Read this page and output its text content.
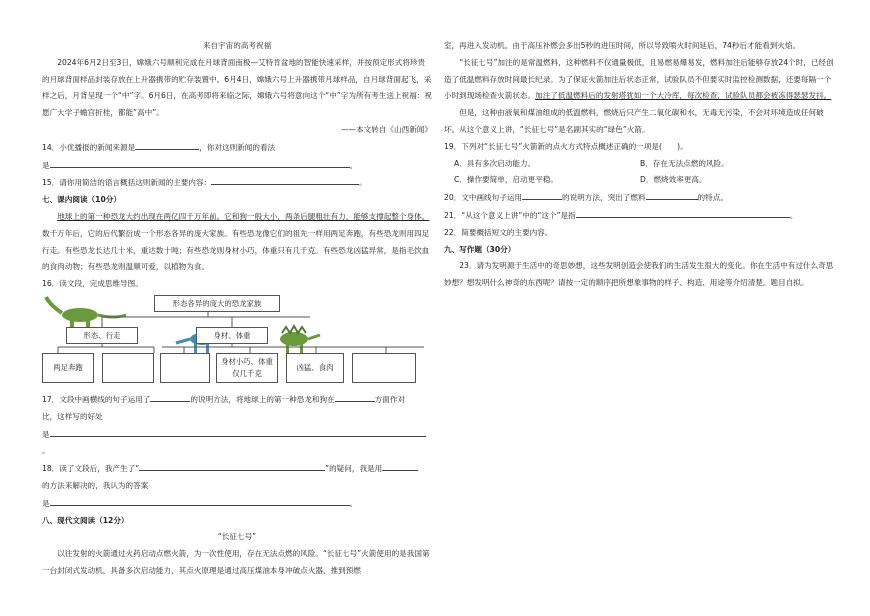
来自宇宙的高考祝福

2024年6月2日至3日，嫦娥六号顺利完成在月球背面南极—艾特肯盆地的智能快速采样，并按预定形式将珍贵的月球背面样品封装存放在上升器携带的贮存装置中。6月4日，嫦娥六号上升器携带月球样品，自月球背面起飞，采样之后，月背呈现一个“中”字。6月6日，在高考即将来临之际，嫦娥六号将意向这个“中”字为所有考生送上祝福：祝愿广大学子蟾宫折桂，都能“高中”。

——本文转自《山西新闻》

14．小优播报的新闻来源是	，你对这则新闻的看法

是	。

15．请你用简洁的语言概括这则新闻的主要内容：	。

七、课内阅读（10分）

地球上的第一种恐龙大约出现在两亿四千万年前。它和狗一般大小，两条后腿粗壮有力，能够支撑起整个身体。数千万年后，它的后代繁衍成一个形态各异的庞大家族。有些恐龙像它们的祖先一样用两足奔跑，有些恐龙则用四足行走。有些恐龙长达几十米，重达数十吨；有些恐龙则身材小巧，体重只有几千克。有些恐龙凶猛异常，是指毛饮血的食肉动物；有些恐龙则温顺可爱，以植物为食。

16．读文段，完成思维导图。

形态各异的庞大的恐龙家族
形态、行走	身材、体重
两足奔跑
身材小巧、体重仅几千克
凶猛、食肉

17．文段中画横线的句子运用了	的说明方法，将地球上的第一种恐龙和狗在	方面作对

比，这样写的好处

是

。

18．读了文段后，我产生了“	”的疑问，我是用

的方法来解决的，我认为的答案

是	。

八、现代文阅读（12分）

“长征七号”

以往发射的火箭通过火药启动点燃火箭，为一次性使用，存在无法点燃的风险。“长征七号”火箭使用的是我国第一台封闭式发动机，具备多次启动能力，其点火原理是通过高压煤油本身冲破点火器，推到预燃

室，再进入发动机。由于高压补燃会多出5秒的进压时间，所以导致喷火时间延后，74秒后才能看到火焰。

“长征七号”加注的是常温燃料，这种燃料不仅通量极低，且易燃易爆易发，燃料加注后能够存放24个时，已经创造了低温燃料存放时间最长纪录。为了保证火箭加注后状态正常，试验队员不但要实时监控检测数据，还要每隔一个小时到现场检查火箭状态。加注了低温燃料后的发射塔犹如一个大冷库，每次检查，试验队员都会被冻得瑟瑟发抖。

但是，这种由液氧和煤油组成的低温燃料，燃烧后只产生二氧化碳和水，无毒无污染，不会对环境造成任何破坏。从这个意义上讲，“长征七号”是名副其实的“绿色”火箭。

19．下列对“长征七号”火箭新的点火方式特点概述正确的一项是(　　)。

A．具有多次启动能力。	B．存在无法点燃的风险。
C．操作要简单，启动更平稳。	D．燃烧效率更高。

20．文中画线句子运用	的说明方法，突出了燃料	的特点。

21．“从这个意义上讲”中的“这个”是指	。

22．简要概括短文的主要内容。

九、写作题（30分）

23．请为发明源于生活中的奇思妙想，这些发明创造会使我们的生活发生很大的变化。你在生活中有过什么奇思妙想？想发明什么神奇的东西呢？请按一定的顺序把所想象事物的样子、构造、用途等介绍清楚。题目自拟。
